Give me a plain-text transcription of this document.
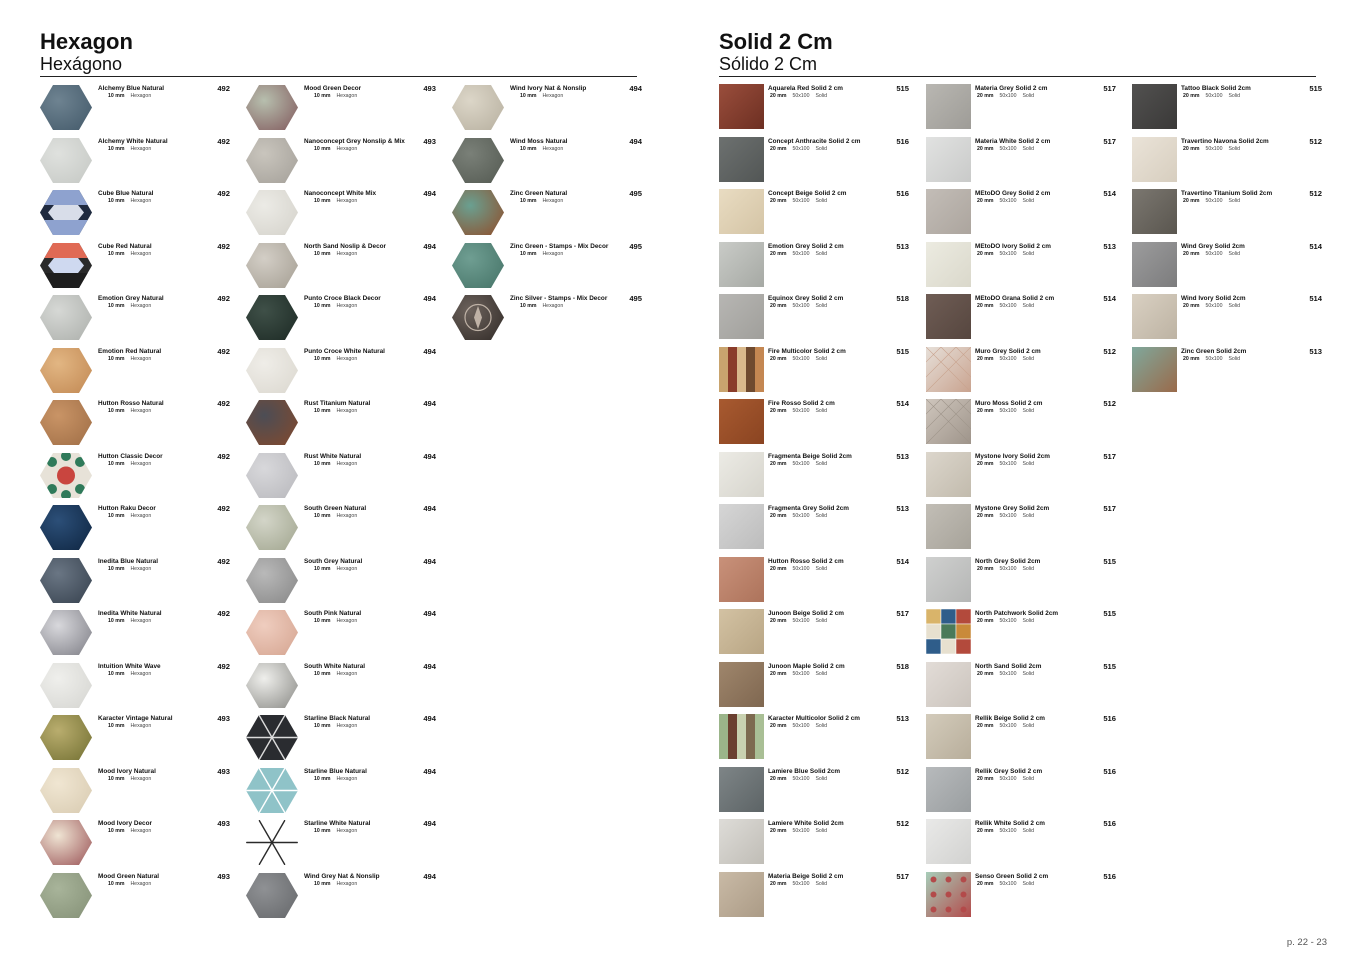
Hexagon
Hexágono
Alchemy Blue Natural
10 mm Hexagon
492
Alchemy White Natural
10 mm Hexagon
492
Cube Blue Natural
10 mm Hexagon
492
Cube Red Natural
10 mm Hexagon
492
Emotion Grey Natural
10 mm Hexagon
492
Emotion Red Natural
10 mm Hexagon
492
Hutton Rosso Natural
10 mm Hexagon
492
Hutton Classic Decor
10 mm Hexagon
492
Hutton Raku Decor
10 mm Hexagon
492
Inedita Blue Natural
10 mm Hexagon
492
Inedita White Natural
10 mm Hexagon
492
Intuition White Wave
10 mm Hexagon
492
Karacter Vintage Natural
10 mm Hexagon
493
Mood Ivory Natural
10 mm Hexagon
493
Mood Ivory Decor
10 mm Hexagon
493
Mood Green Natural
10 mm Hexagon
493
Mood Green Decor
10 mm Hexagon
493
Nanoconcept Grey Nonslip & Mix
10 mm Hexagon
493
Nanoconcept White Mix
10 mm Hexagon
494
North Sand Noslip & Decor
10 mm Hexagon
494
Punto Croce Black Decor
10 mm Hexagon
494
Punto Croce White Natural
10 mm Hexagon
494
Rust Titanium Natural
10 mm Hexagon
494
Rust White Natural
10 mm Hexagon
494
South Green Natural
10 mm Hexagon
494
South Grey Natural
10 mm Hexagon
494
South Pink Natural
10 mm Hexagon
494
South White Natural
10 mm Hexagon
494
Starline Black Natural
10 mm Hexagon
494
Starline Blue Natural
10 mm Hexagon
494
Starline White Natural
10 mm Hexagon
494
Wind Grey Nat & Nonslip
10 mm Hexagon
494
Wind Ivory Nat & Nonslip
10 mm Hexagon
494
Wind Moss Natural
10 mm Hexagon
494
Zinc Green Natural
10 mm Hexagon
495
Zinc Green - Stamps - Mix Decor
10 mm Hexagon
495
Zinc Silver - Stamps - Mix Decor
10 mm Hexagon
495
Solid 2 Cm
Sólido 2 Cm
Aquarela Red Solid 2 cm
20 mm 50x100 Solid
515
Concept Anthracite Solid 2 cm
20 mm 50x100 Solid
516
Concept Beige Solid 2 cm
20 mm 50x100 Solid
516
Emotion Grey Solid 2 cm
20 mm 50x100 Solid
513
Equinox Grey Solid 2 cm
20 mm 50x100 Solid
518
Fire Multicolor Solid 2 cm
20 mm 50x100 Solid
515
Fire Rosso Solid 2 cm
20 mm 50x100 Solid
514
Fragmenta Beige Solid 2cm
20 mm 50x100 Solid
513
Fragmenta Grey Solid 2cm
20 mm 50x100 Solid
513
Hutton Rosso Solid 2 cm
20 mm 50x100 Solid
514
Junoon Beige Solid 2 cm
20 mm 50x100 Solid
517
Junoon Maple Solid 2 cm
20 mm 50x100 Solid
518
Karacter Multicolor Solid 2 cm
20 mm 50x100 Solid
513
Lamiere Blue Solid 2cm
20 mm 50x100 Solid
512
Lamiere White Solid 2cm
20 mm 50x100 Solid
512
Materia Beige Solid 2 cm
20 mm 50x100 Solid
517
Materia Grey Solid 2 cm
20 mm 50x100 Solid
517
Materia White Solid 2 cm
20 mm 50x100 Solid
517
MEtoDO Grey Solid 2 cm
20 mm 50x100 Solid
514
MEtoDO Ivory Solid 2 cm
20 mm 50x100 Solid
513
MEtoDO Grana Solid 2 cm
20 mm 50x100 Solid
514
Muro Grey Solid 2 cm
20 mm 50x100 Solid
512
Muro Moss Solid 2 cm
20 mm 50x100 Solid
512
Mystone Ivory Solid 2cm
20 mm 50x100 Solid
517
Mystone Grey Solid 2cm
20 mm 50x100 Solid
517
North Grey Solid 2cm
20 mm 50x100 Solid
515
North Patchwork Solid 2cm
20 mm 50x100 Solid
515
North Sand Solid 2cm
20 mm 50x100 Solid
515
Rellik Beige Solid 2 cm
20 mm 50x100 Solid
516
Rellik Grey Solid 2 cm
20 mm 50x100 Solid
516
Rellik White Solid 2 cm
20 mm 50x100 Solid
516
Senso Green Solid 2 cm
20 mm 50x100 Solid
516
Tattoo Black Solid 2cm
20 mm 50x100 Solid
515
Travertino Navona Solid 2cm
20 mm 50x100 Solid
512
Travertino Titanium Solid 2cm
20 mm 50x100 Solid
512
Wind Grey Solid 2cm
20 mm 50x100 Solid
514
Wind Ivory Solid 2cm
20 mm 50x100 Solid
514
Zinc Green Solid 2cm
20 mm 50x100 Solid
513
p. 22 - 23
